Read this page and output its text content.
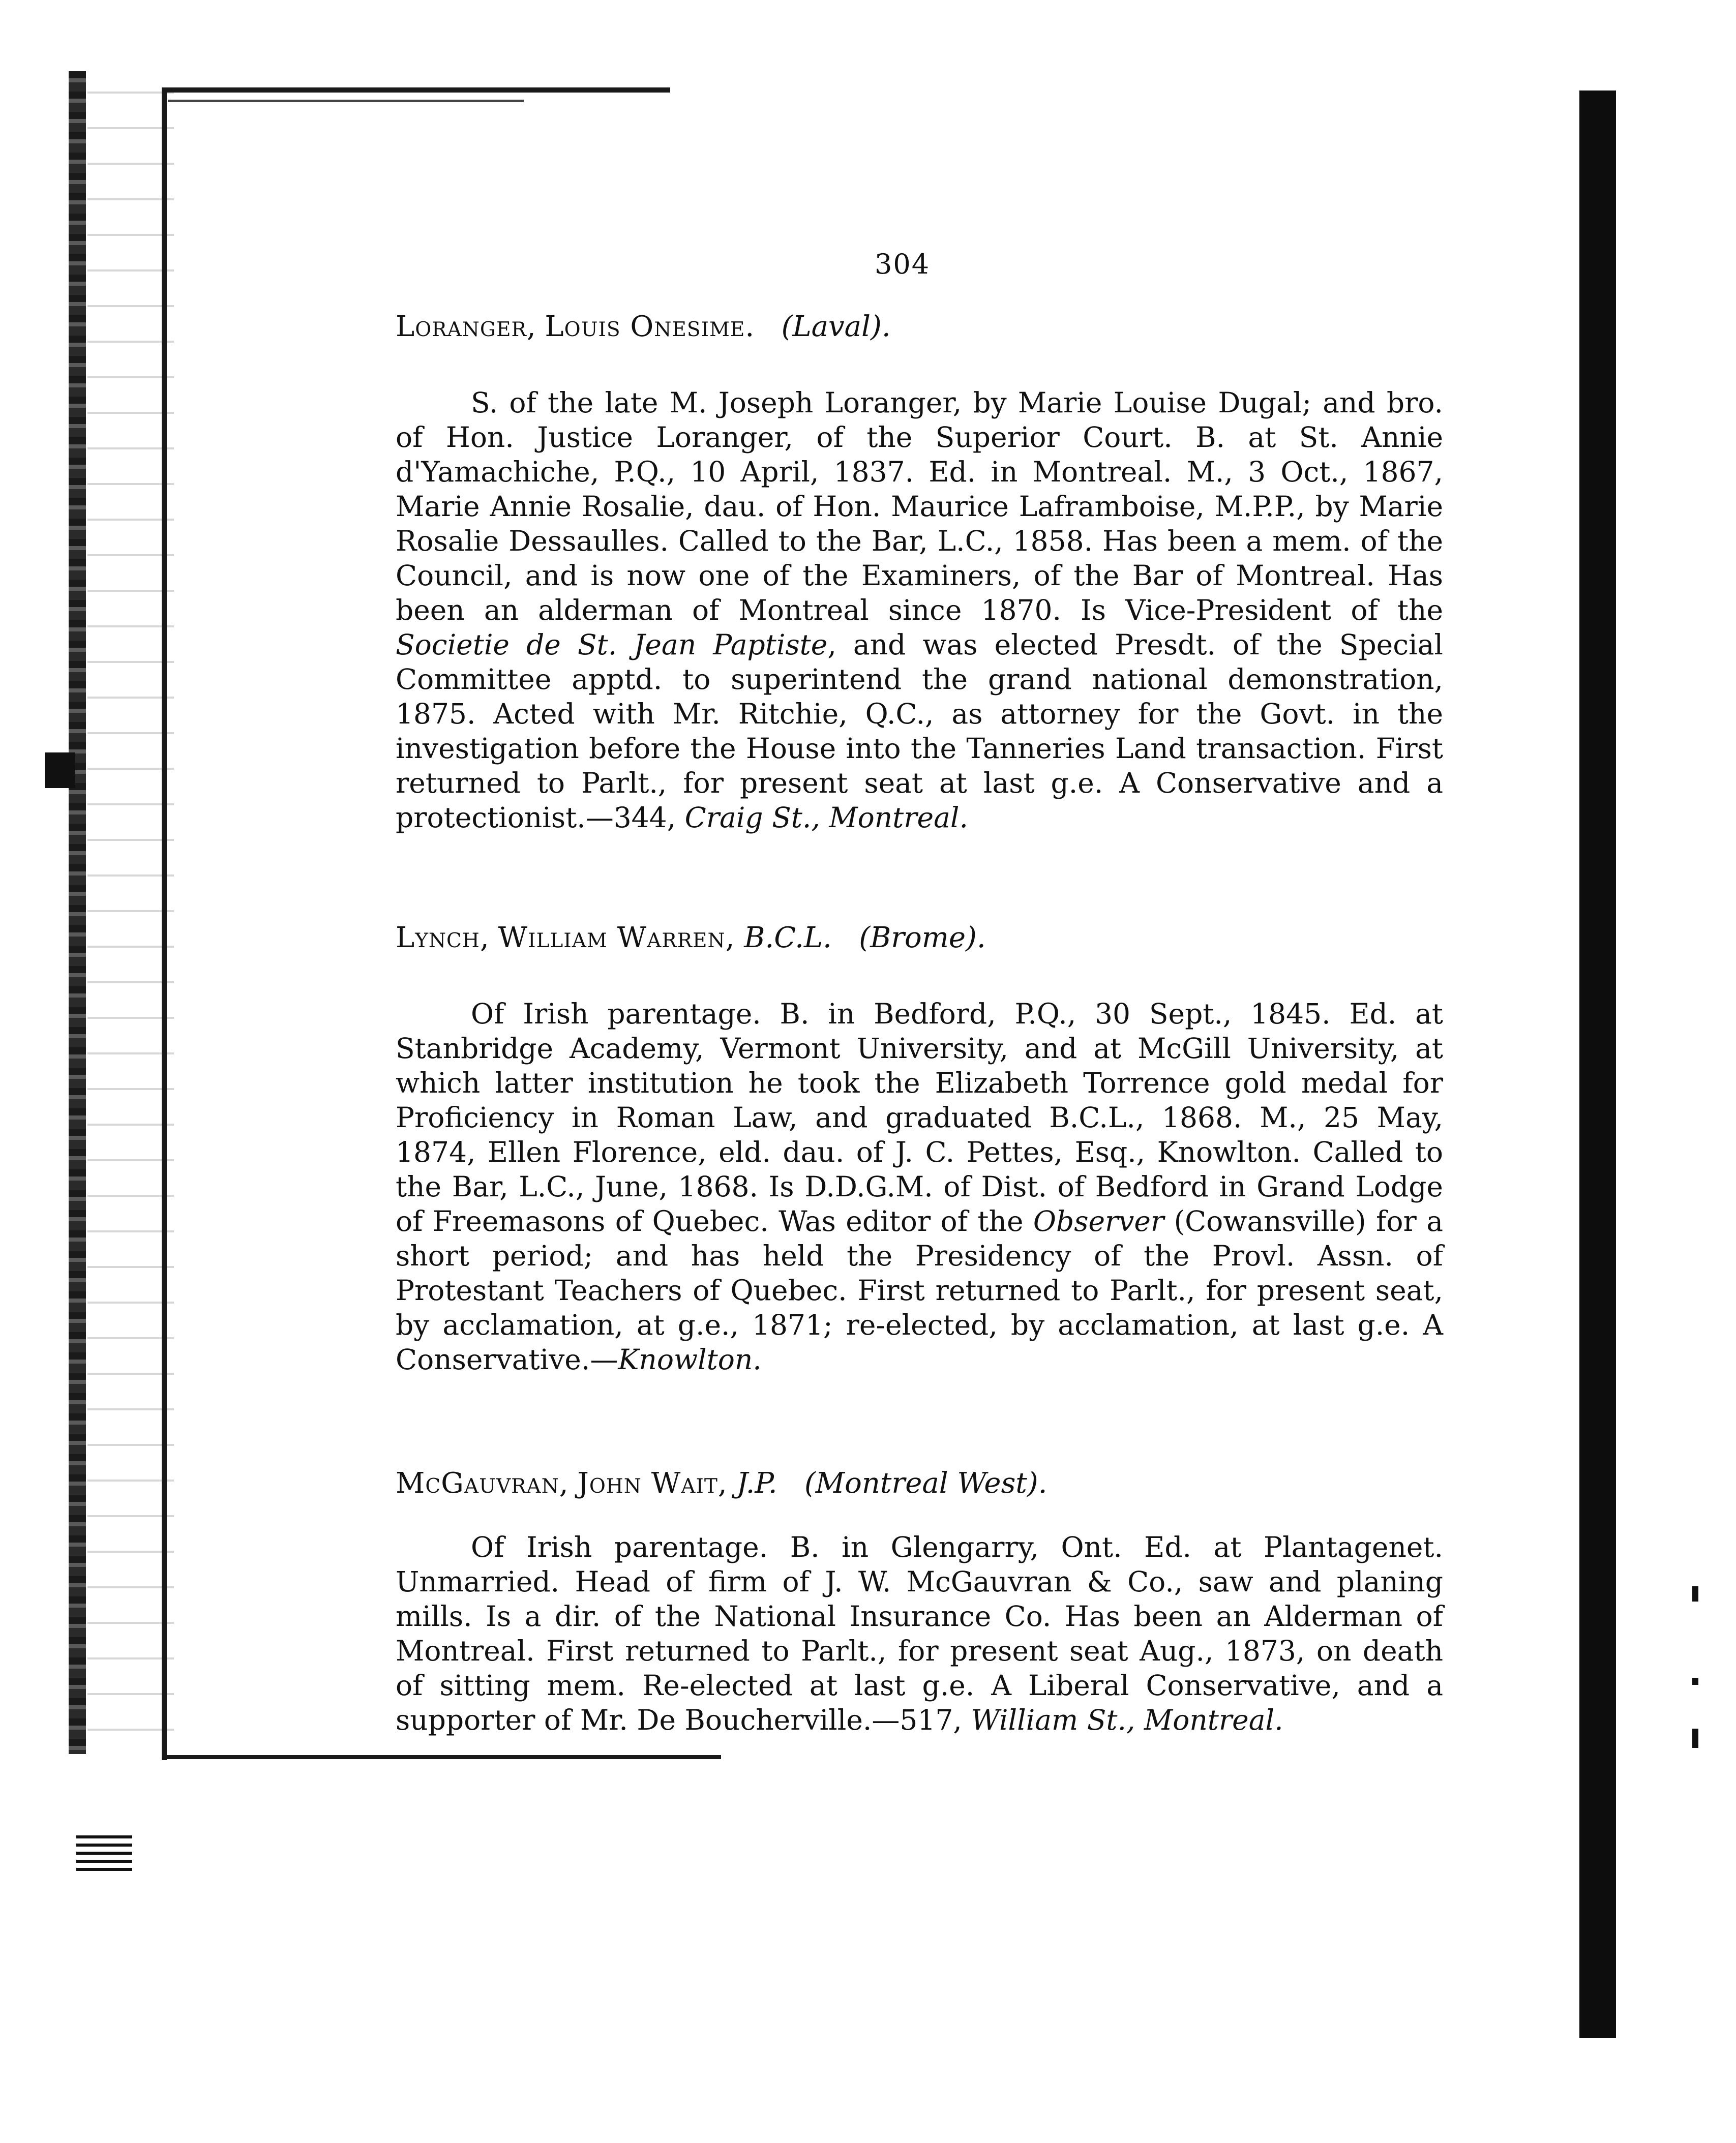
304
Loranger, Louis Onesime.   (Laval).

S. of the late M. Joseph Loranger, by Marie Louise Dugal; and bro. of Hon. Justice Loranger, of the Superior Court. B. at St. Annie d'Yamachiche, P.Q., 10 April, 1837. Ed. in Montreal. M., 3 Oct., 1867, Marie Annie Rosalie, dau. of Hon. Maurice Laframboise, M.P.P., by Marie Rosalie Dessaulles. Called to the Bar, L.C., 1858. Has been a mem. of the Council, and is now one of the Examiners, of the Bar of Montreal. Has been an alderman of Montreal since 1870. Is Vice-President of the Societie de St. Jean Paptiste, and was elected Presdt. of the Special Committee apptd. to superintend the grand national demonstration, 1875. Acted with Mr. Ritchie, Q.C., as attorney for the Govt. in the investigation before the House into the Tanneries Land transaction. First returned to Parlt., for present seat at last g.e. A Conservative and a protectionist.—344, Craig St., Montreal.

Lynch, William Warren, B.C.L. (Brome).

Of Irish parentage. B. in Bedford, P.Q., 30 Sept., 1845. Ed. at Stanbridge Academy, Vermont University, and at McGill University, at which latter institution he took the Elizabeth Torrence gold medal for Proficiency in Roman Law, and graduated B.C.L., 1868. M., 25 May, 1874, Ellen Florence, eld. dau. of J. C. Pettes, Esq., Knowlton. Called to the Bar, L.C., June, 1868. Is D.D.G.M. of Dist. of Bedford in Grand Lodge of Freemasons of Quebec. Was editor of the Observer (Cowansville) for a short period; and has held the Presidency of the Provl. Assn. of Protestant Teachers of Quebec. First returned to Parlt., for present seat, by acclamation, at g.e., 1871; re-elected, by acclamation, at last g.e. A Conservative.—Knowlton.

McGauvran, John Wait, J.P. (Montreal West).

Of Irish parentage. B. in Glengarry, Ont. Ed. at Plantagenet. Unmarried. Head of firm of J. W. McGauvran & Co., saw and planing mills. Is a dir. of the National Insurance Co. Has been an Alderman of Montreal. First returned to Parlt., for present seat Aug., 1873, on death of sitting mem. Re-elected at last g.e. A Liberal Conservative, and a supporter of Mr. De Boucherville.—517, William St., Montreal.
